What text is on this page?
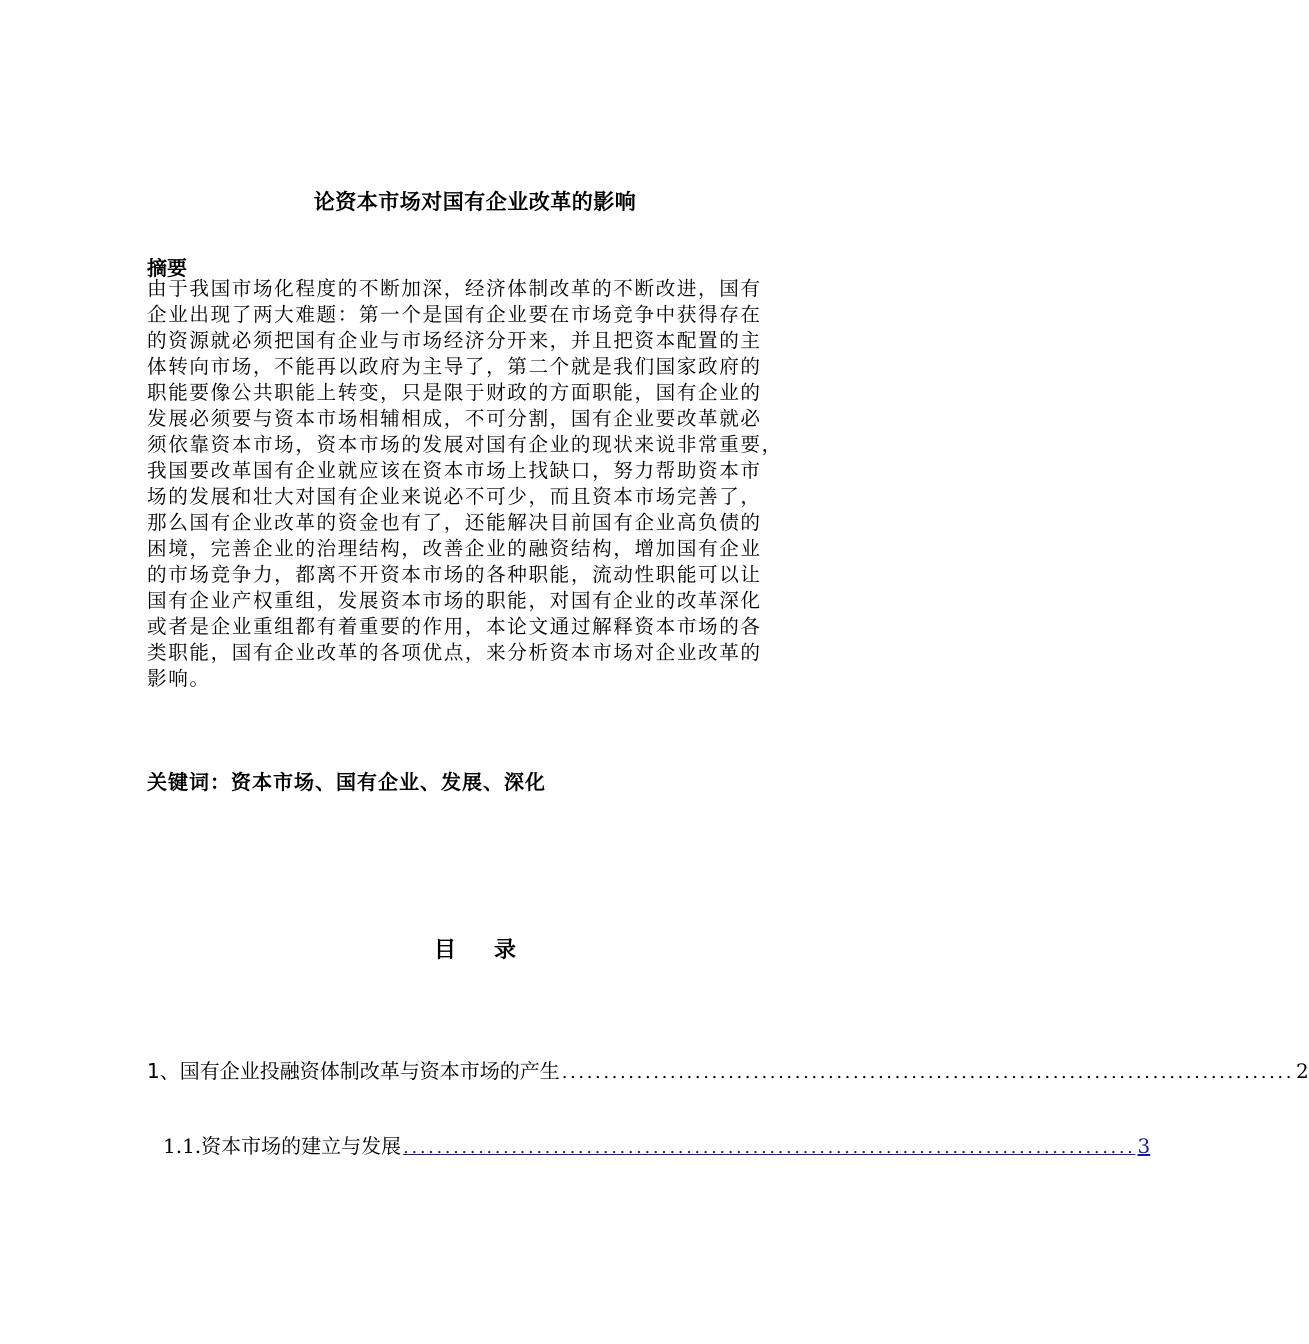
论资本市场对国有企业改革的影响
摘要
由于我国市场化程度的不断加深，经济体制改革的不断改进，国有
企业出现了两大难题：第一个是国有企业要在市场竞争中获得存在
的资源就必须把国有企业与市场经济分开来，并且把资本配置的主
体转向市场，不能再以政府为主导了，第二个就是我们国家政府的
职能要像公共职能上转变，只是限于财政的方面职能，国有企业的
发展必须要与资本市场相辅相成，不可分割，国有企业要改革就必
须依靠资本市场，资本市场的发展对国有企业的现状来说非常重要，
我国要改革国有企业就应该在资本市场上找缺口，努力帮助资本市
场的发展和壮大对国有企业来说必不可少，而且资本市场完善了，
那么国有企业改革的资金也有了，还能解决目前国有企业高负债的
困境，完善企业的治理结构，改善企业的融资结构，增加国有企业
的市场竞争力，都离不开资本市场的各种职能，流动性职能可以让
国有企业产权重组，发展资本市场的职能，对国有企业的改革深化
或者是企业重组都有着重要的作用，本论文通过解释资本市场的各
类职能，国有企业改革的各项优点，来分析资本市场对企业改革的
影响。
关键词：资本市场、国有企业、发展、深化
目 录
1、国有企业投融资体制改革与资本市场的产生 ........................................................................................ 2
1.1.资本市场的建立与发展 ........................................................................................ 3
